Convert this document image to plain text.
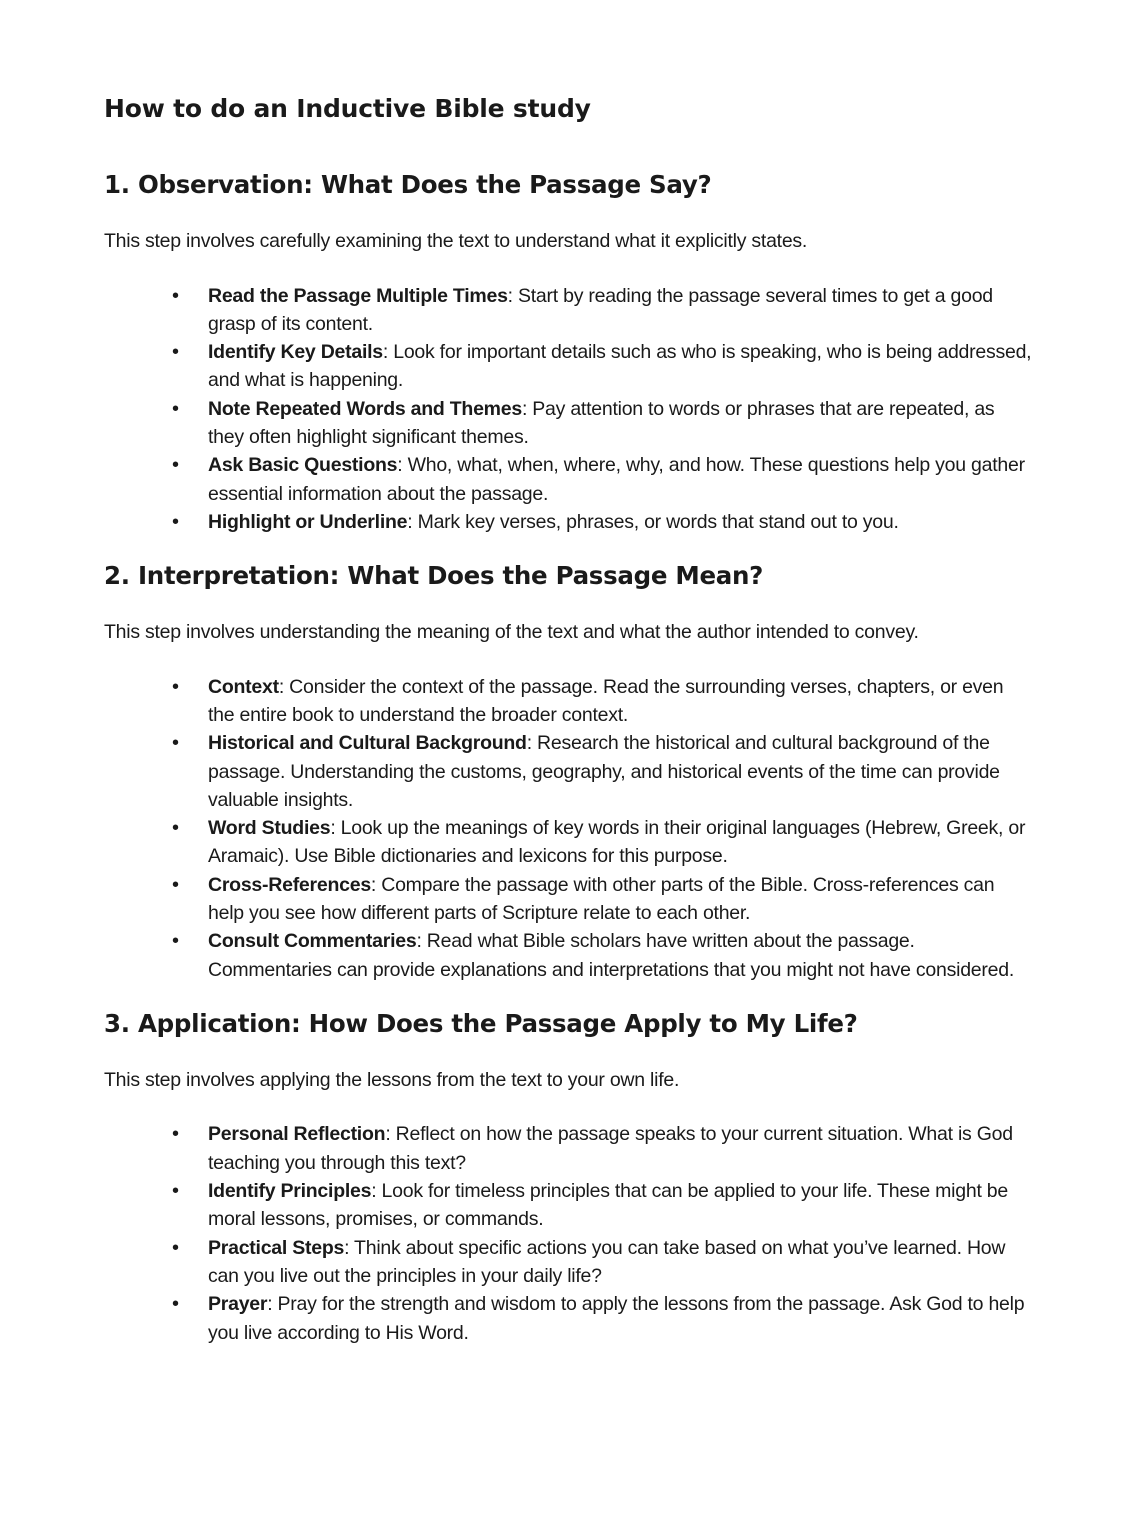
How to do an Inductive Bible study
1. Observation: What Does the Passage Say?

This step involves carefully examining the text to understand what it explicitly states.

• Read the Passage Multiple Times: Start by reading the passage several times to get a good grasp of its content.
• Identify Key Details: Look for important details such as who is speaking, who is being addressed, and what is happening.
• Note Repeated Words and Themes: Pay attention to words or phrases that are repeated, as they often highlight significant themes.
• Ask Basic Questions: Who, what, when, where, why, and how. These questions help you gather essential information about the passage.
• Highlight or Underline: Mark key verses, phrases, or words that stand out to you.
2. Interpretation: What Does the Passage Mean?

This step involves understanding the meaning of the text and what the author intended to convey.

• Context: Consider the context of the passage. Read the surrounding verses, chapters, or even the entire book to understand the broader context.
• Historical and Cultural Background: Research the historical and cultural background of the passage. Understanding the customs, geography, and historical events of the time can provide valuable insights.
• Word Studies: Look up the meanings of key words in their original languages (Hebrew, Greek, or Aramaic). Use Bible dictionaries and lexicons for this purpose.
• Cross-References: Compare the passage with other parts of the Bible. Cross-references can help you see how different parts of Scripture relate to each other.
• Consult Commentaries: Read what Bible scholars have written about the passage. Commentaries can provide explanations and interpretations that you might not have considered.
3. Application: How Does the Passage Apply to My Life?

This step involves applying the lessons from the text to your own life.

• Personal Reflection: Reflect on how the passage speaks to your current situation. What is God teaching you through this text?
• Identify Principles: Look for timeless principles that can be applied to your life. These might be moral lessons, promises, or commands.
• Practical Steps: Think about specific actions you can take based on what you’ve learned. How can you live out the principles in your daily life?
• Prayer: Pray for the strength and wisdom to apply the lessons from the passage. Ask God to help you live according to His Word.
